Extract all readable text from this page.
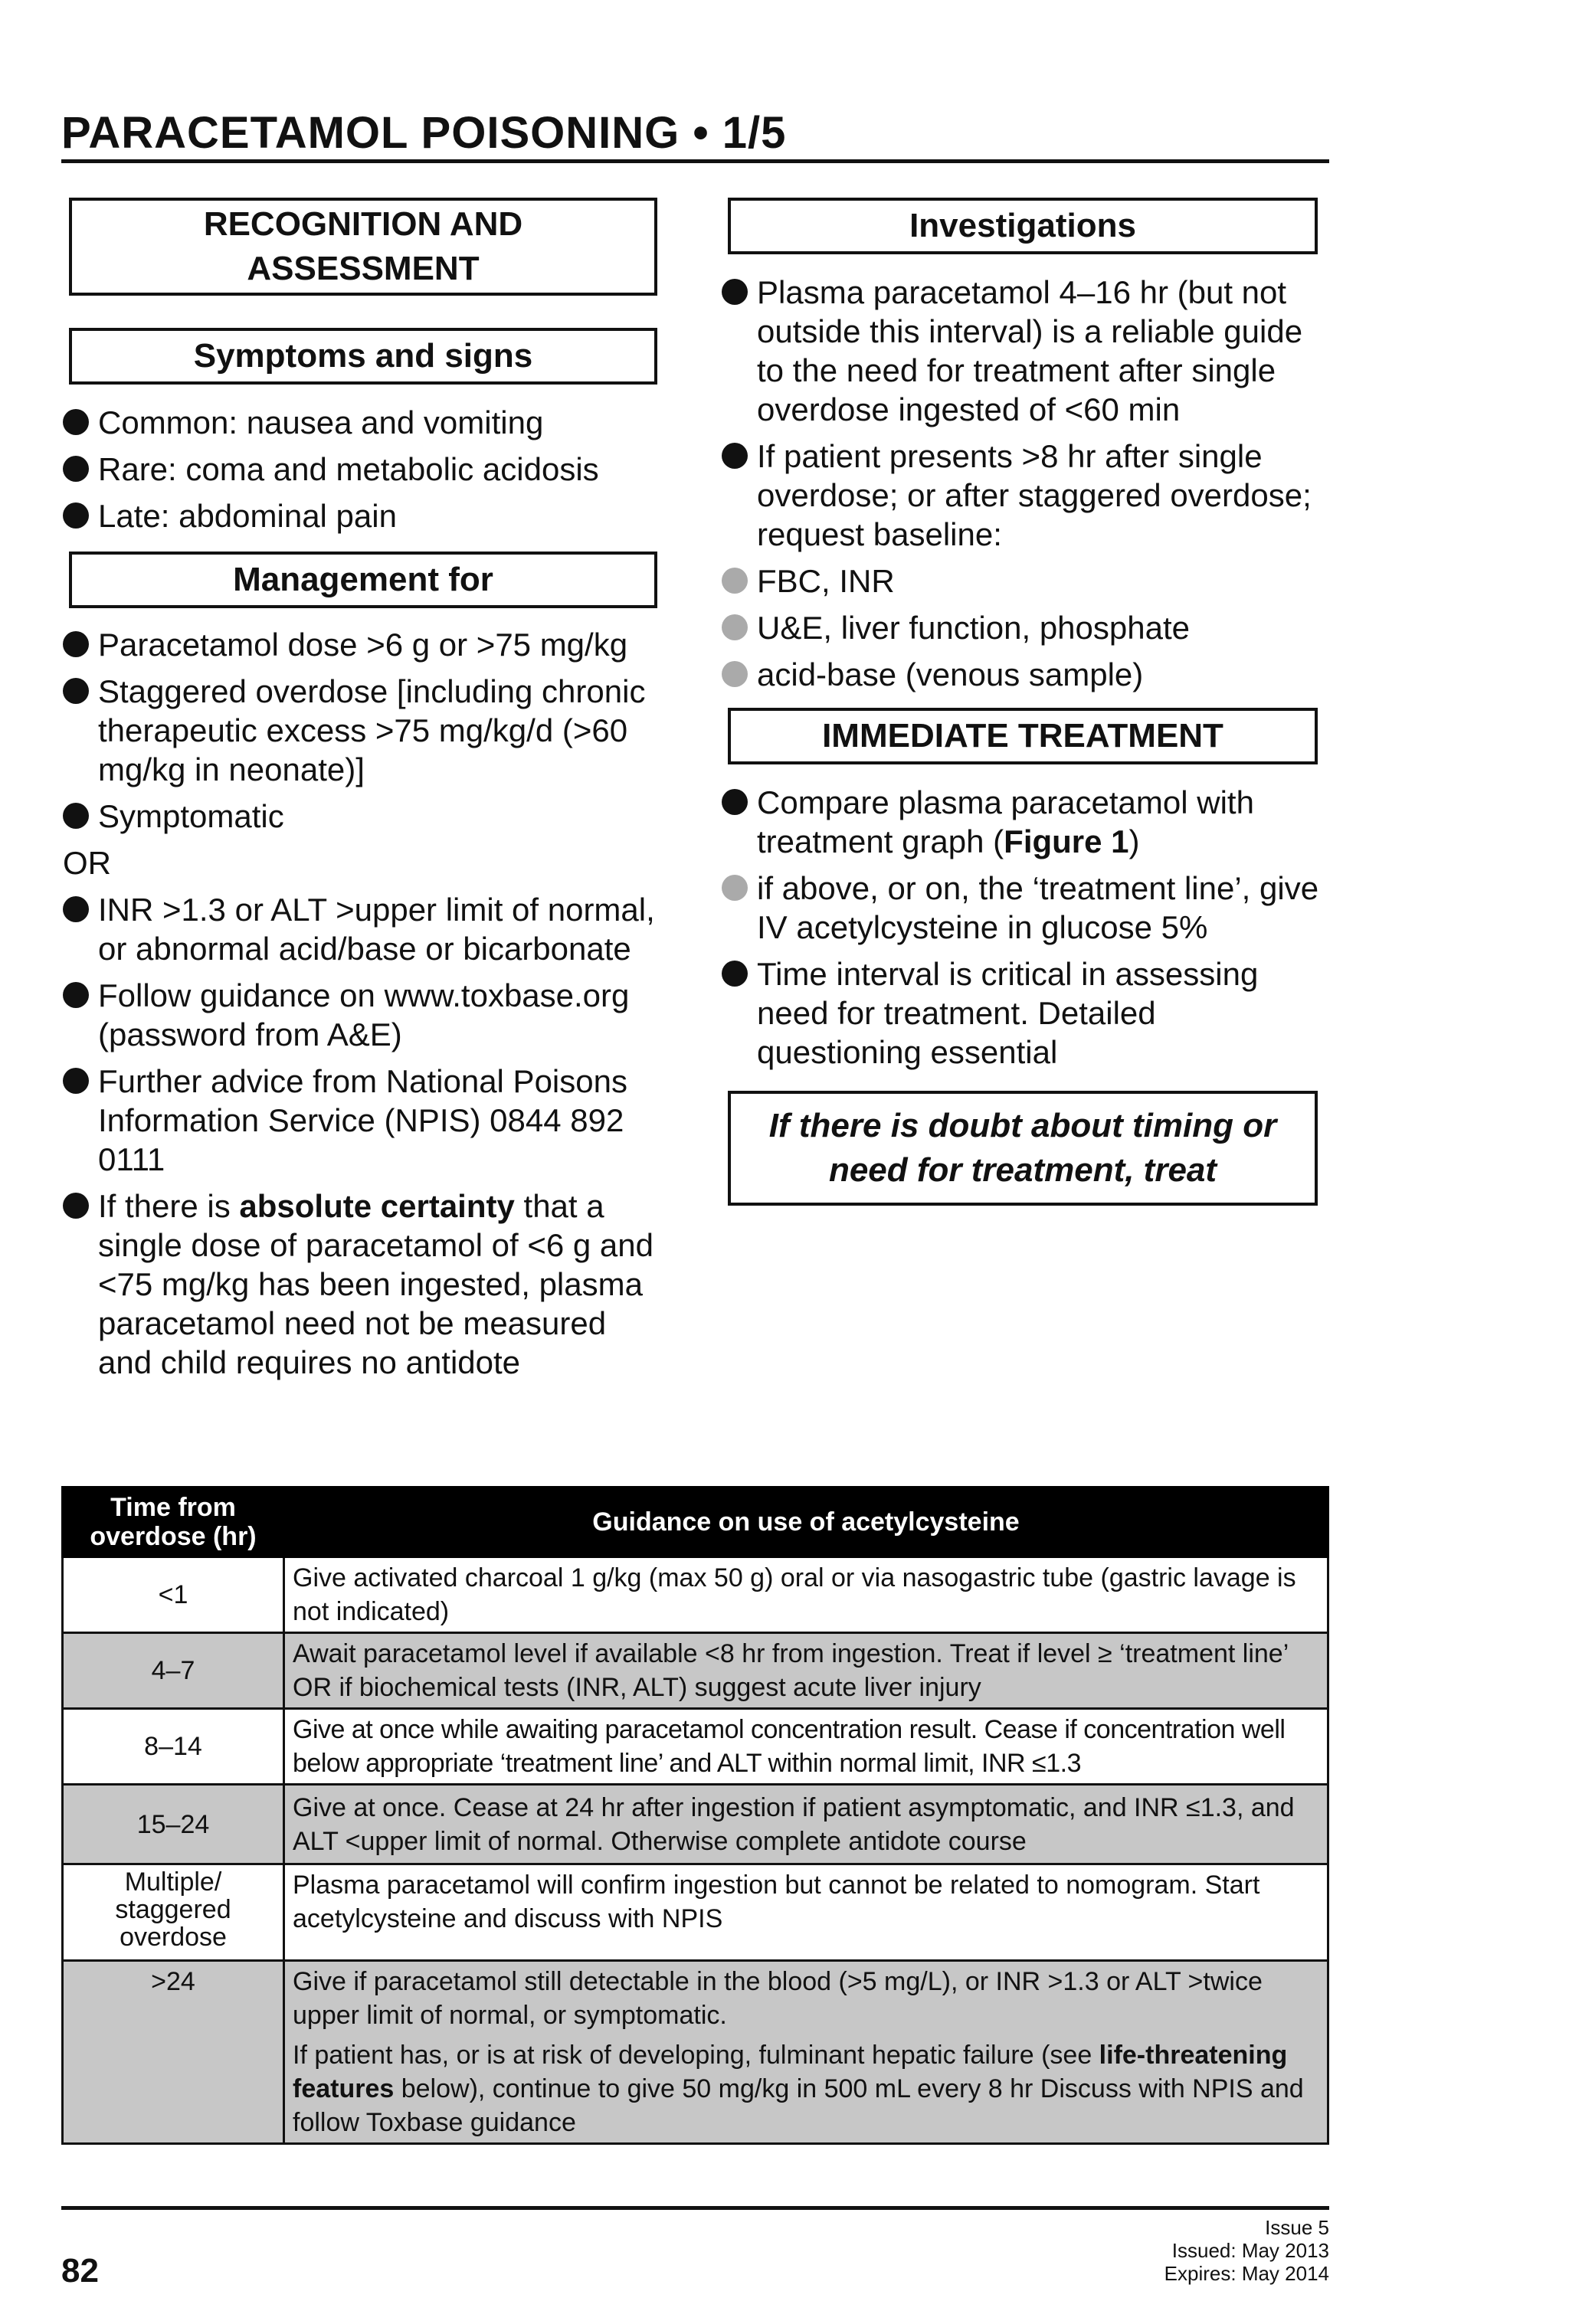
PARACETAMOL POISONING • 1/5
RECOGNITION AND ASSESSMENT
Symptoms and signs
Common: nausea and vomiting
Rare: coma and metabolic acidosis
Late: abdominal pain
Management for
Paracetamol dose >6 g or >75 mg/kg
Staggered overdose [including chronic therapeutic excess >75 mg/kg/d (>60 mg/kg in neonate)]
Symptomatic
OR
INR >1.3 or ALT >upper limit of normal, or abnormal acid/base or bicarbonate
Follow guidance on www.toxbase.org (password from A&E)
Further advice from National Poisons Information Service (NPIS) 0844 892 0111
If there is absolute certainty that a single dose of paracetamol of <6 g and <75 mg/kg has been ingested, plasma paracetamol need not be measured and child requires no antidote
Investigations
Plasma paracetamol 4–16 hr (but not outside this interval) is a reliable guide to the need for treatment after single overdose ingested of <60 min
If patient presents >8 hr after single overdose; or after staggered overdose; request baseline:
FBC, INR
U&E, liver function, phosphate
acid-base (venous sample)
IMMEDIATE TREATMENT
Compare plasma paracetamol with treatment graph (Figure 1)
if above, or on, the ‘treatment line’, give IV acetylcysteine in glucose 5%
Time interval is critical in assessing need for treatment. Detailed questioning essential
If there is doubt about timing or need for treatment, treat
Time from overdose (hr)	Guidance on use of acetylcysteine
<1	Give activated charcoal 1 g/kg (max 50 g) oral or via nasogastric tube (gastric lavage is not indicated)
4–7	Await paracetamol level if available <8 hr from ingestion. Treat if level ≥ ‘treatment line’ OR if biochemical tests (INR, ALT) suggest acute liver injury
8–14	Give at once while awaiting paracetamol concentration result. Cease if concentration well below appropriate ‘treatment line’ and ALT within normal limit, INR ≤1.3
15–24	Give at once. Cease at 24 hr after ingestion if patient asymptomatic, and INR ≤1.3, and ALT <upper limit of normal. Otherwise complete antidote course
Multiple/ staggered overdose	Plasma paracetamol will confirm ingestion but cannot be related to nomogram. Start acetylcysteine and discuss with NPIS
>24	Give if paracetamol still detectable in the blood (>5 mg/L), or INR >1.3 or ALT >twice upper limit of normal, or symptomatic.

If patient has, or is at risk of developing, fulminant hepatic failure (see life-threatening features below), continue to give 50 mg/kg in 500 mL every 8 hr Discuss with NPIS and follow Toxbase guidance

82
Issue 5
Issued: May 2013
Expires: May 2014
